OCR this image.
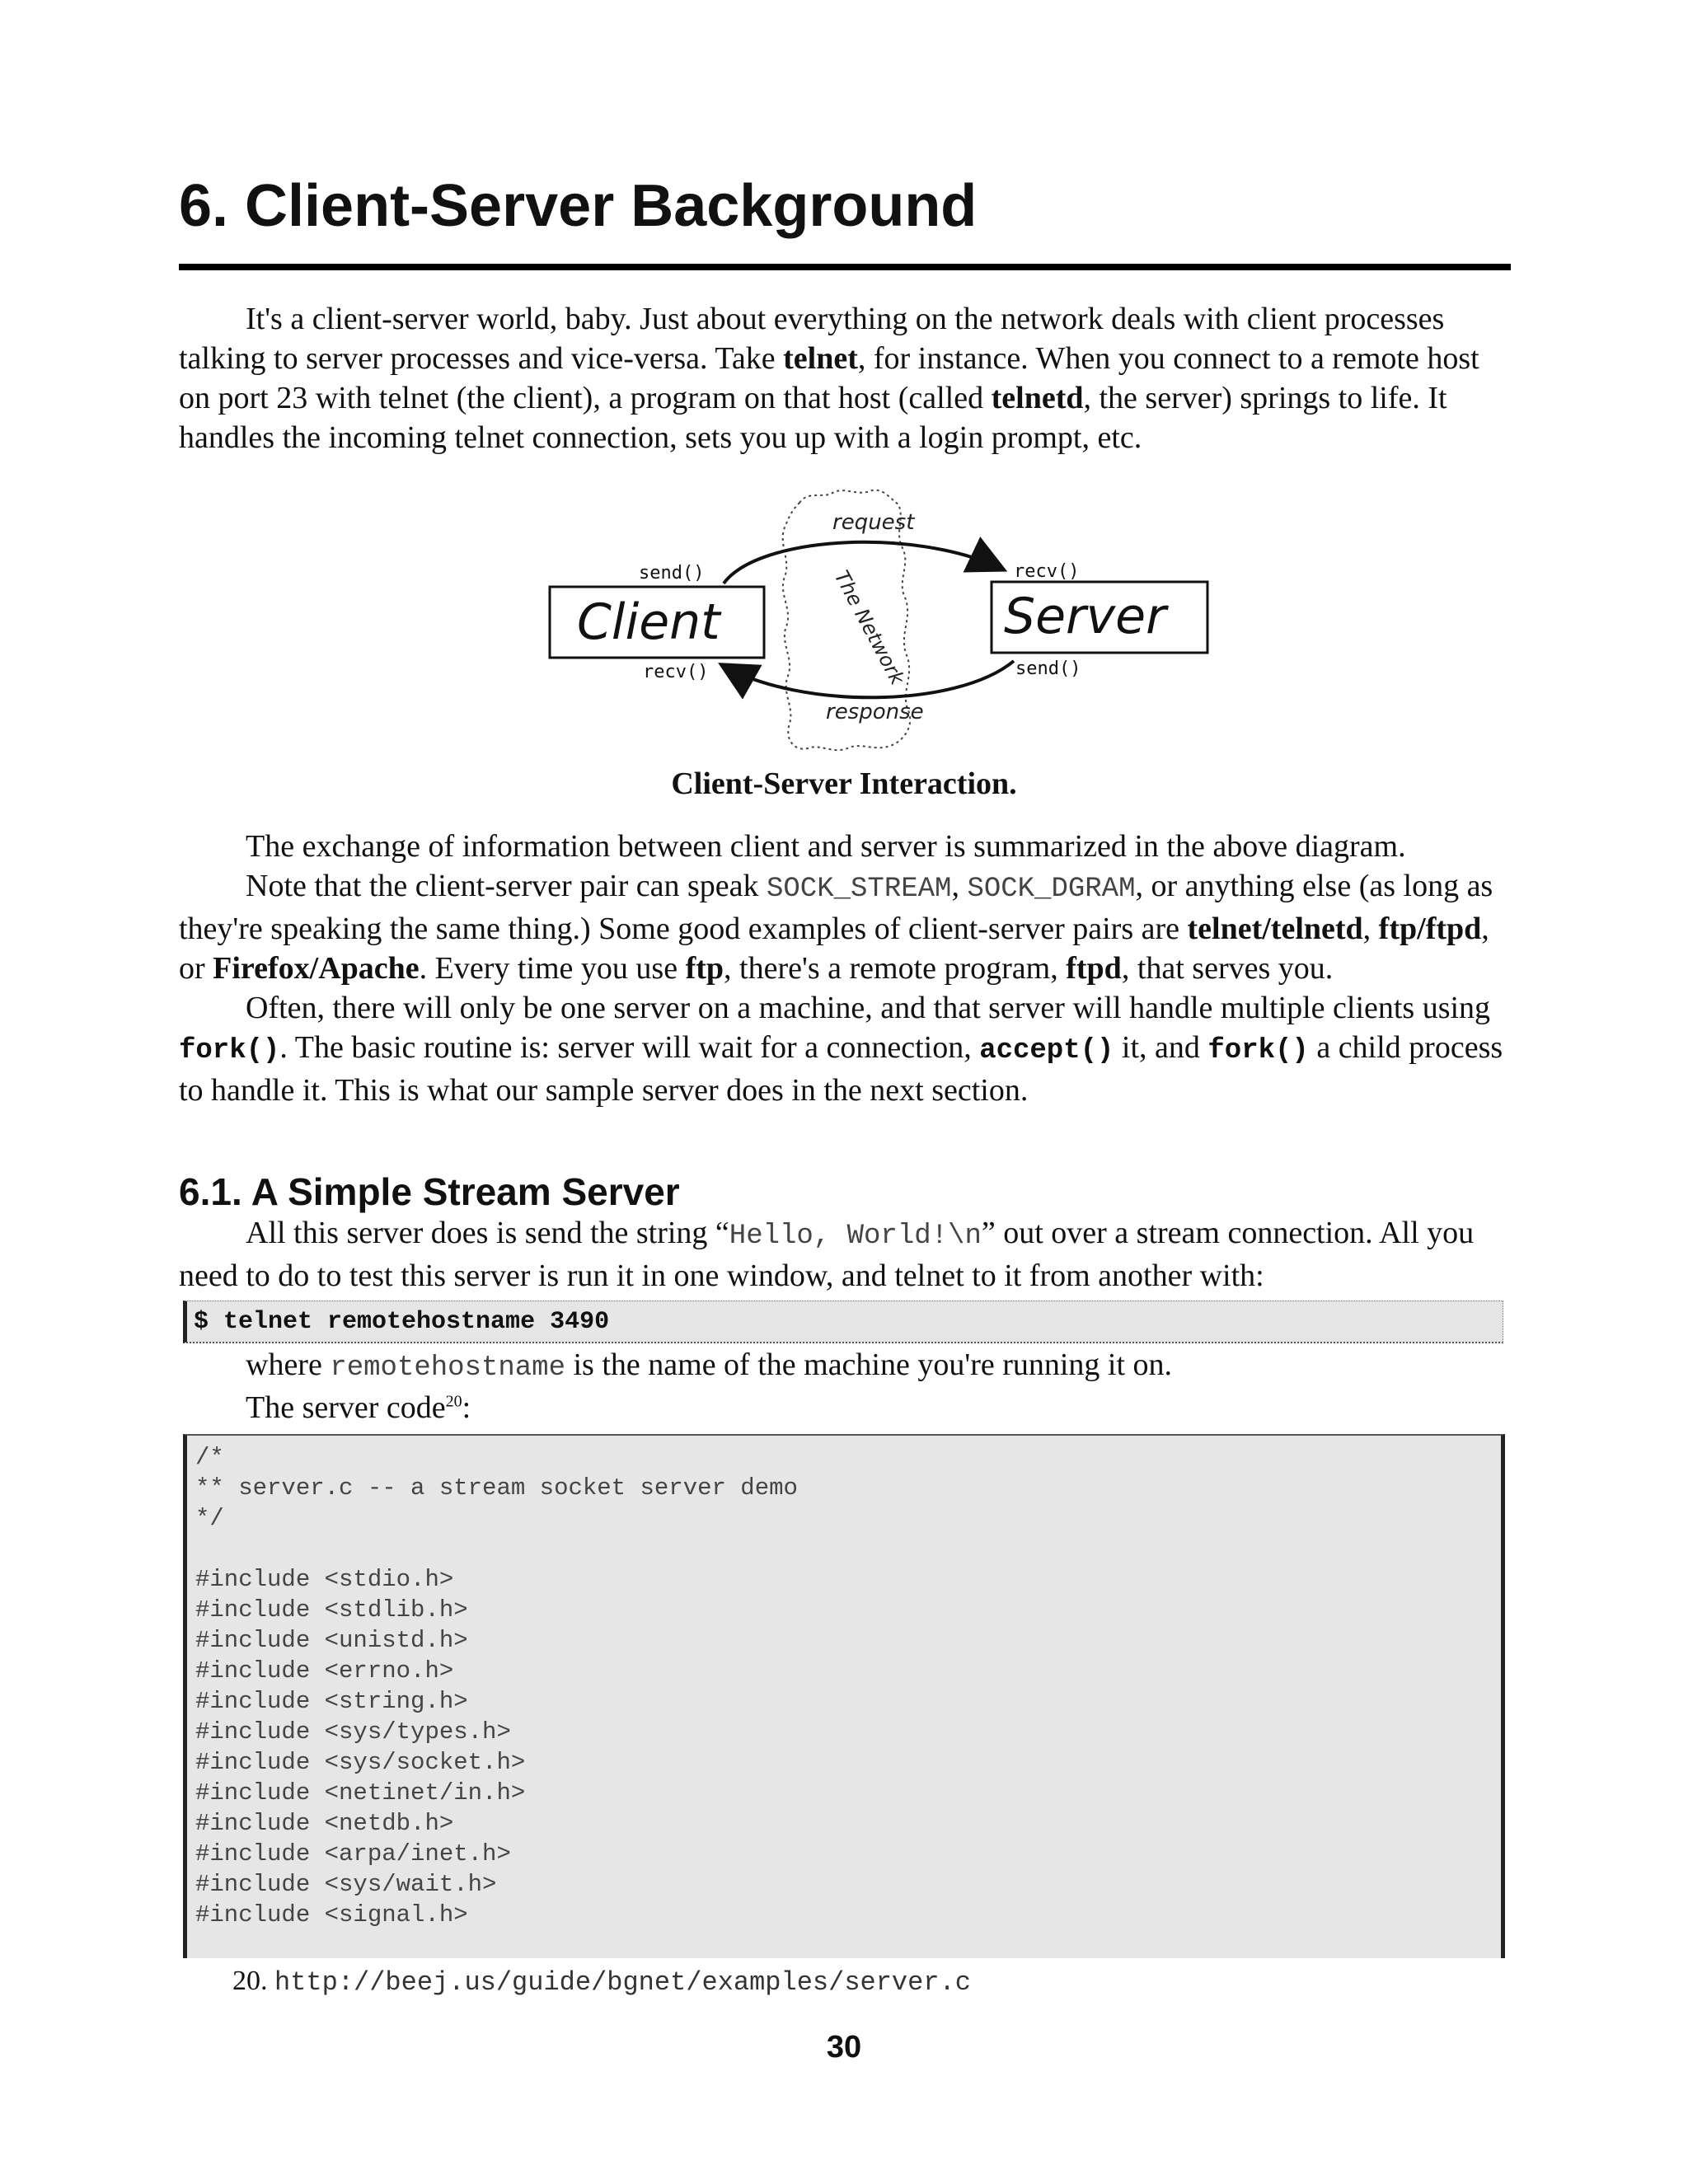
6. Client-Server Background

It's a client-server world, baby. Just about everything on the network deals with client processes talking to server processes and vice-versa. Take telnet, for instance. When you connect to a remote host on port 23 with telnet (the client), a program on that host (called telnetd, the server) springs to life. It handles the incoming telnet connection, sets you up with a login prompt, etc.

Client	Server
send()
recv()
recv()
send()
request
response
The Network
Client-Server Interaction.

The exchange of information between client and server is summarized in the above diagram.
Note that the client-server pair can speak SOCK_STREAM, SOCK_DGRAM, or anything else (as long as they're speaking the same thing.) Some good examples of client-server pairs are telnet/telnetd, ftp/ftpd, or Firefox/Apache. Every time you use ftp, there's a remote program, ftpd, that serves you.
Often, there will only be one server on a machine, and that server will handle multiple clients using fork(). The basic routine is: server will wait for a connection, accept() it, and fork() a child process to handle it. This is what our sample server does in the next section.

6.1. A Simple Stream Server

All this server does is send the string “Hello, World!\n” out over a stream connection. All you need to do to test this server is run it in one window, and telnet to it from another with:

$ telnet remotehostname 3490

where remotehostname is the name of the machine you're running it on.

The server code$^{20}$:

/*
** server.c -- a stream socket server demo
*/
#include <stdio.h>
#include <stdlib.h>
#include <unistd.h>
#include <errno.h>
#include <string.h>
#include <sys/types.h>
#include <sys/socket.h>
#include <netinet/in.h>
#include <netdb.h>
#include <arpa/inet.h>
#include <sys/wait.h>
#include <signal.h>
20. http://beej.us/guide/bgnet/examples/server.c
30
